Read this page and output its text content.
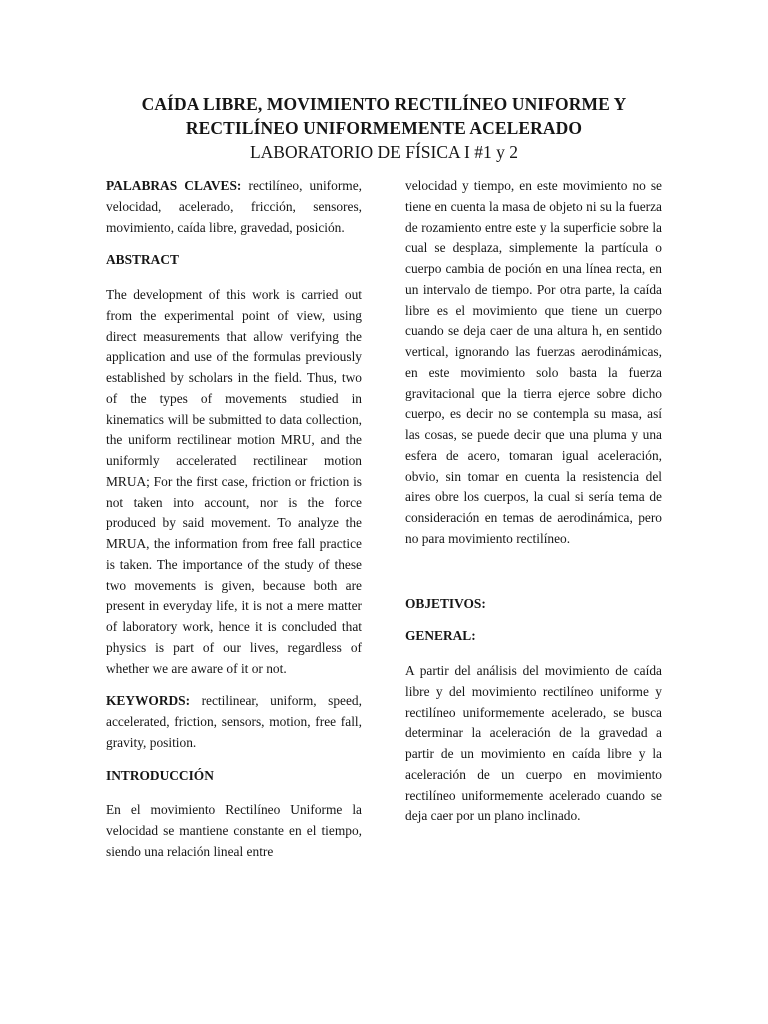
CAÍDA LIBRE, MOVIMIENTO RECTILÍNEO UNIFORME Y

RECTILÍNEO UNIFORMEMENTE ACELERADO

LABORATORIO DE FÍSICA I #1 y 2

PALABRAS CLAVES: rectilíneo, uniforme, velocidad, acelerado, fricción, sensores, movimiento, caída libre, gravedad, posición.

ABSTRACT

The development of this work is carried out from the experimental point of view, using direct measurements that allow verifying the application and use of the formulas previously established by scholars in the field. Thus, two of the types of movements studied in kinematics will be submitted to data collection, the uniform rectilinear motion MRU, and the uniformly accelerated rectilinear motion MRUA; For the first case, friction or friction is not taken into account, nor is the force produced by said movement. To analyze the MRUA, the information from free fall practice is taken. The importance of the study of these two movements is given, because both are present in everyday life, it is not a mere matter of laboratory work, hence it is concluded that physics is part of our lives, regardless of whether we are aware of it or not.

KEYWORDS: rectilinear, uniform, speed, accelerated, friction, sensors, motion, free fall, gravity, position.

INTRODUCCIÓN

En el movimiento Rectilíneo Uniforme la velocidad se mantiene constante en el tiempo, siendo una relación lineal entre

velocidad y tiempo, en este movimiento no se tiene en cuenta la masa de objeto ni su la fuerza de rozamiento entre este y la superficie sobre la cual se desplaza, simplemente la partícula o cuerpo cambia de poción en una línea recta, en un intervalo de tiempo. Por otra parte, la caída libre es el movimiento que tiene un cuerpo cuando se deja caer de una altura h, en sentido vertical, ignorando las fuerzas aerodinámicas, en este movimiento solo basta la fuerza gravitacional que la tierra ejerce sobre dicho cuerpo, es decir no se contempla su masa, así las cosas, se puede decir que una pluma y una esfera de acero, tomaran igual aceleración, obvio, sin tomar en cuenta la resistencia del aires obre los cuerpos, la cual si sería tema de consideración en temas de aerodinámica, pero no para movimiento rectilíneo.

OBJETIVOS:

GENERAL:

A partir del análisis del movimiento de caída libre y del movimiento rectilíneo uniforme y rectilíneo uniformemente acelerado, se busca determinar la aceleración de la gravedad a partir de un movimiento en caída libre y la aceleración de un cuerpo en movimiento rectilíneo uniformemente acelerado cuando se deja caer por un plano inclinado.
